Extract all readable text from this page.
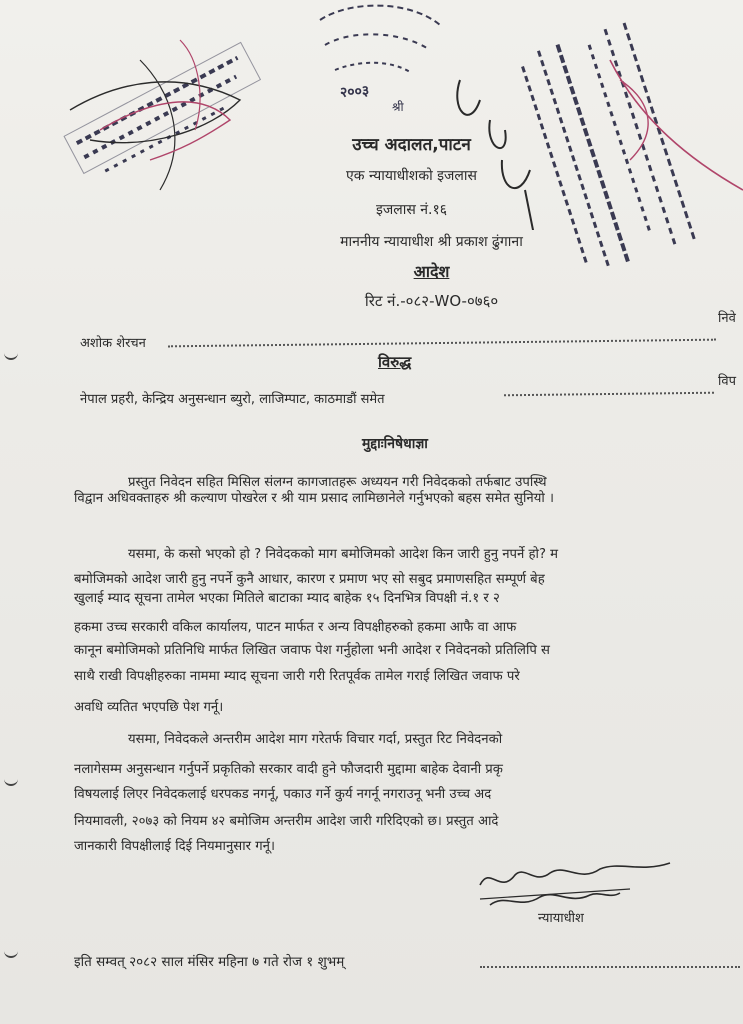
२००३
श्री
उच्च अदालत,पाटन
एक न्यायाधीशको इजलास
इजलास नं.१६
माननीय न्यायाधीश श्री प्रकाश ढुंगाना
आदेश
रिट नं.-०८२-WO-०७६०
अशोक शेरचन
निवे
विरुद्ध
नेपाल प्रहरी, केन्द्रिय अनुसन्धान ब्युरो, लाजिम्पाट, काठमाडौं समेत
विप
मुद्दाःनिषेधाज्ञा
प्रस्तुत निवेदन सहित मिसिल संलग्न कागजातहरू अध्ययन गरी निवेदकको तर्फबाट उपस्थि
विद्वान अधिवक्ताहरु श्री कल्याण पोखरेल र श्री याम प्रसाद लामिछानेले गर्नुभएको बहस समेत सुनियो ।
यसमा, के कसो भएको हो ? निवेदकको माग बमोजिमको आदेश किन जारी हुनु नपर्ने हो? म
बमोजिमको आदेश जारी हुनु नपर्ने कुनै आधार, कारण र प्रमाण भए सो सबुद प्रमाणसहित सम्पूर्ण बेह
खुलाई म्याद सूचना तामेल भएका मितिले बाटाका म्याद बाहेक १५ दिनभित्र विपक्षी नं.१ र २
हकमा उच्च सरकारी वकिल कार्यालय, पाटन मार्फत र अन्य विपक्षीहरुको हकमा आफै वा आफ
कानून बमोजिमको प्रतिनिधि मार्फत लिखित जवाफ पेश गर्नुहोला भनी आदेश र निवेदनको प्रतिलिपि स
साथै राखी विपक्षीहरुका नाममा म्याद सूचना जारी गरी रितपूर्वक तामेल गराई लिखित जवाफ परे
अवधि व्यतित भएपछि पेश गर्नू।
यसमा, निवेदकले अन्तरीम आदेश माग गरेतर्फ विचार गर्दा, प्रस्तुत रिट निवेदनको
नलागेसम्म अनुसन्धान गर्नुपर्ने प्रकृतिको सरकार वादी हुने फौजदारी मुद्दामा बाहेक देवानी प्रकृ
विषयलाई लिएर निवेदकलाई धरपकड नगर्नू, पकाउ गर्ने कुर्य नगर्नू नगराउनू भनी उच्च अद
नियमावली, २०७३ को नियम ४२ बमोजिम अन्तरीम आदेश जारी गरिदिएको छ। प्रस्तुत आदे
जानकारी विपक्षीलाई दिई नियमानुसार गर्नू।
न्यायाधीश
इति सम्वत् २०८२ साल मंसिर महिना ७ गते रोज १ शुभम्
